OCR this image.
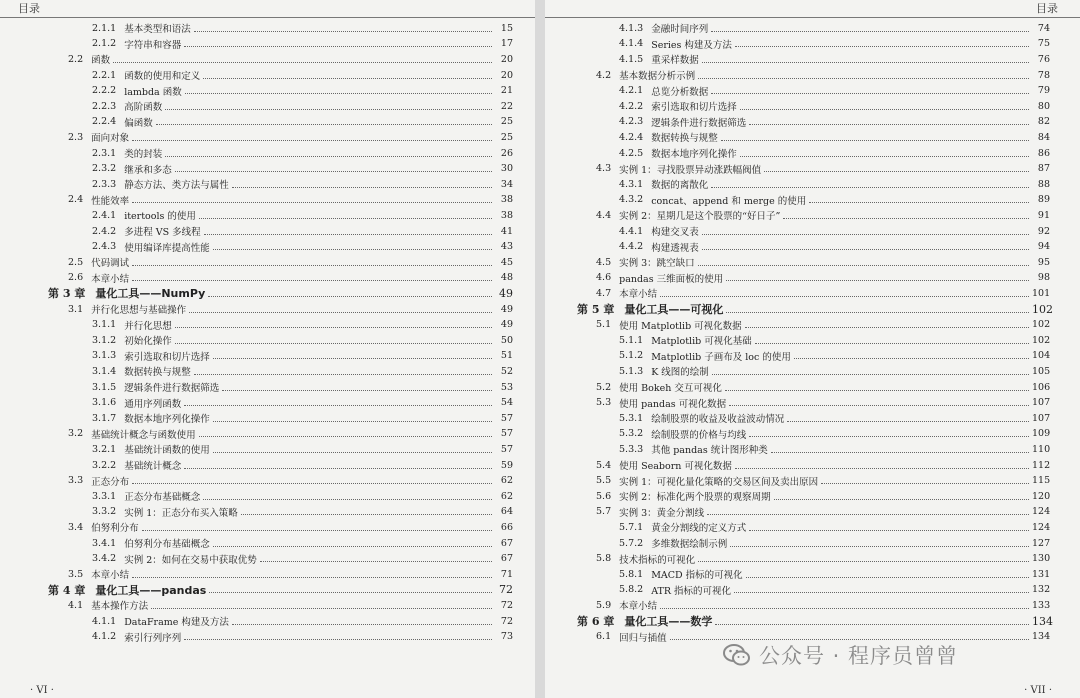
目录
2.1.1 基本类型和语法	15
2.1.2 字符串和容器	17
2.2 函数	20
2.2.1 函数的使用和定义	20
2.2.2 lambda 函数	21
2.2.3 高阶函数	22
2.2.4 偏函数	25
2.3 面向对象	25
2.3.1 类的封装	26
2.3.2 继承和多态	30
2.3.3 静态方法、类方法与属性	34
2.4 性能效率	38
2.4.1 itertools 的使用	38
2.4.2 多进程 VS 多线程	41
2.4.3 使用编译库提高性能	43
2.5 代码调试	45
2.6 本章小结	48
第 3 章 量化工具——NumPy	49
3.1 并行化思想与基础操作	49
3.1.1 并行化思想	49
3.1.2 初始化操作	50
3.1.3 索引选取和切片选择	51
3.1.4 数据转换与规整	52
3.1.5 逻辑条件进行数据筛选	53
3.1.6 通用序列函数	54
3.1.7 数据本地序列化操作	57
3.2 基础统计概念与函数使用	57
3.2.1 基础统计函数的使用	57
3.2.2 基础统计概念	59
3.3 正态分布	62
3.3.1 正态分布基础概念	62
3.3.2 实例 1：正态分布买入策略	64
3.4 伯努利分布	66
3.4.1 伯努利分布基础概念	67
3.4.2 实例 2：如何在交易中获取优势	67
3.5 本章小结	71
第 4 章 量化工具——pandas	72
4.1 基本操作方法	72
4.1.1 DataFrame 构建及方法	72
4.1.2 索引行列序列	73
· VI ·
目录
4.1.3 金融时间序列	74
4.1.4 Series 构建及方法	75
4.1.5 重采样数据	76
4.2 基本数据分析示例	78
4.2.1 总览分析数据	79
4.2.2 索引选取和切片选择	80
4.2.3 逻辑条件进行数据筛选	82
4.2.4 数据转换与规整	84
4.2.5 数据本地序列化操作	86
4.3 实例 1：寻找股票异动涨跌幅阀值	87
4.3.1 数据的离散化	88
4.3.2 concat、append 和 merge 的使用	89
4.4 实例 2：星期几是这个股票的“好日子”	91
4.4.1 构建交叉表	92
4.4.2 构建透视表	94
4.5 实例 3：跳空缺口	95
4.6 pandas 三维面板的使用	98
4.7 本章小结	101
第 5 章 量化工具——可视化	102
5.1 使用 Matplotlib 可视化数据	102
5.1.1 Matplotlib 可视化基础	102
5.1.2 Matplotlib 子画布及 loc 的使用	104
5.1.3 K 线图的绘制	105
5.2 使用 Bokeh 交互可视化	106
5.3 使用 pandas 可视化数据	107
5.3.1 绘制股票的收益及收益波动情况	107
5.3.2 绘制股票的价格与均线	109
5.3.3 其他 pandas 统计图形种类	110
5.4 使用 Seaborn 可视化数据	112
5.5 实例 1：可视化量化策略的交易区间及卖出原因	115
5.6 实例 2：标准化两个股票的观察周期	120
5.7 实例 3：黄金分割线	124
5.7.1 黄金分割线的定义方式	124
5.7.2 多维数据绘制示例	127
5.8 技术指标的可视化	130
5.8.1 MACD 指标的可视化	131
5.8.2 ATR 指标的可视化	132
5.9 本章小结	133
第 6 章 量化工具——数学	134
6.1 回归与插值	134
· VII ·
公众号 · 程序员曾曾
